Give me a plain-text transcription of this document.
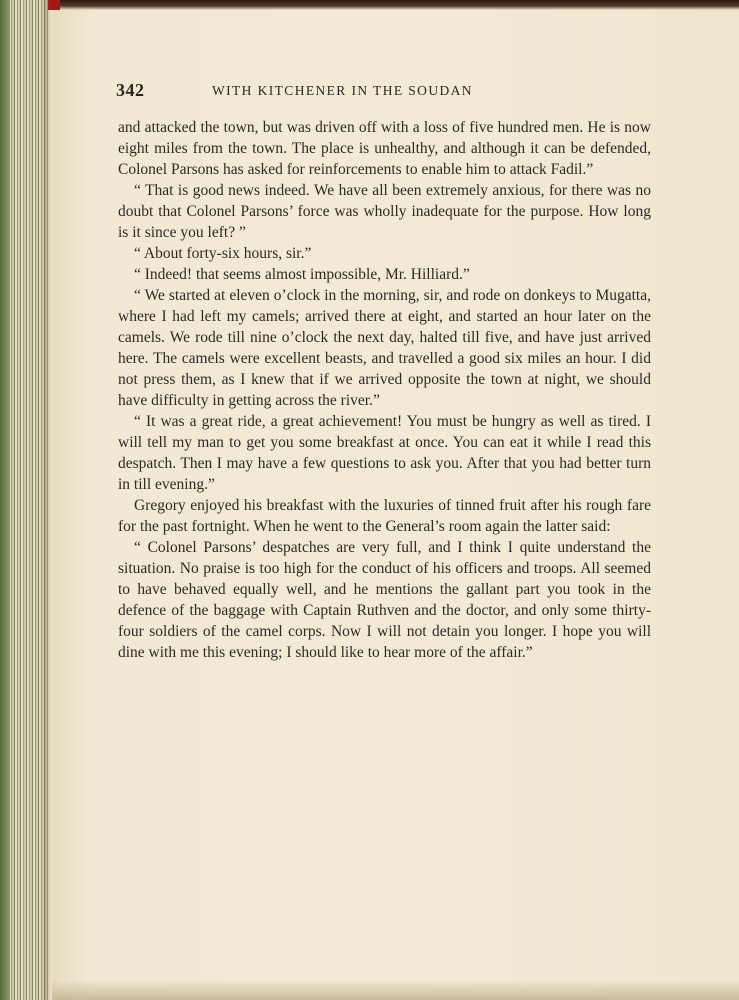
342	WITH KITCHENER IN THE SOUDAN

and attacked the town, but was driven off with a loss of five hundred men. He is now eight miles from the town. The place is unhealthy, and although it can be defended, Colonel Parsons has asked for reinforcements to enable him to attack Fadil.”

“ That is good news indeed. We have all been extremely anxious, for there was no doubt that Colonel Parsons’ force was wholly inadequate for the purpose. How long is it since you left? ”

“ About forty-six hours, sir.”

“ Indeed! that seems almost impossible, Mr. Hilliard.”

“ We started at eleven o’clock in the morning, sir, and rode on donkeys to Mugatta, where I had left my camels; arrived there at eight, and started an hour later on the camels. We rode till nine o’clock the next day, halted till five, and have just arrived here. The camels were excellent beasts, and travelled a good six miles an hour. I did not press them, as I knew that if we arrived opposite the town at night, we should have difficulty in getting across the river.”

“ It was a great ride, a great achievement! You must be hungry as well as tired. I will tell my man to get you some breakfast at once. You can eat it while I read this despatch. Then I may have a few questions to ask you. After that you had better turn in till evening.”

Gregory enjoyed his breakfast with the luxuries of tinned fruit after his rough fare for the past fortnight. When he went to the General’s room again the latter said:

“ Colonel Parsons’ despatches are very full, and I think I quite understand the situation. No praise is too high for the conduct of his officers and troops. All seemed to have behaved equally well, and he mentions the gallant part you took in the defence of the baggage with Captain Ruthven and the doctor, and only some thirty-four soldiers of the camel corps. Now I will not detain you longer. I hope you will dine with me this evening; I should like to hear more of the affair.”
